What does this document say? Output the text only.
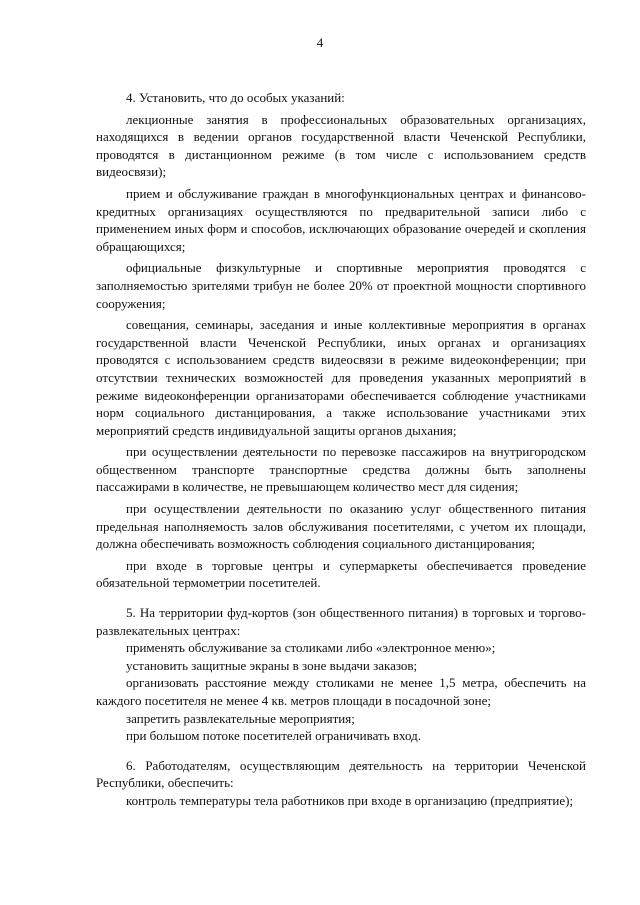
4

4. Установить, что до особых указаний:

лекционные занятия в профессиональных образовательных организациях, находящихся в ведении органов государственной власти Чеченской Республики, проводятся в дистанционном режиме (в том числе с использованием средств видеосвязи);

прием и обслуживание граждан в многофункциональных центрах и финансово-кредитных организациях осуществляются по предварительной записи либо с применением иных форм и способов, исключающих образование очередей и скопления обращающихся;

официальные физкультурные и спортивные мероприятия проводятся с заполняемостью зрителями трибун не более 20% от проектной мощности спортивного сооружения;

совещания, семинары, заседания и иные коллективные мероприятия в органах государственной власти Чеченской Республики, иных органах и организациях проводятся с использованием средств видеосвязи в режиме видеоконференции; при отсутствии технических возможностей для проведения указанных мероприятий в режиме видеоконференции организаторами обеспечивается соблюдение участниками норм социального дистанцирования, а также использование участниками этих мероприятий средств индивидуальной защиты органов дыхания;

при осуществлении деятельности по перевозке пассажиров на внутригородском общественном транспорте транспортные средства должны быть заполнены пассажирами в количестве, не превышающем количество мест для сидения;

при осуществлении деятельности по оказанию услуг общественного питания предельная наполняемость залов обслуживания посетителями, с учетом их площади, должна обеспечивать возможность соблюдения социального дистанцирования;

при входе в торговые центры и супермаркеты обеспечивается проведение обязательной термометрии посетителей.

5. На территории фуд-кортов (зон общественного питания) в торговых и торгово-развлекательных центрах:

применять обслуживание за столиками либо «электронное меню»;

установить защитные экраны в зоне выдачи заказов;

организовать расстояние между столиками не менее 1,5 метра, обеспечить на каждого посетителя не менее 4 кв. метров площади в посадочной зоне;

запретить развлекательные мероприятия;

при большом потоке посетителей ограничивать вход.

6. Работодателям, осуществляющим деятельность на территории Чеченской Республики, обеспечить:

контроль температуры тела работников при входе в организацию (предприятие);
